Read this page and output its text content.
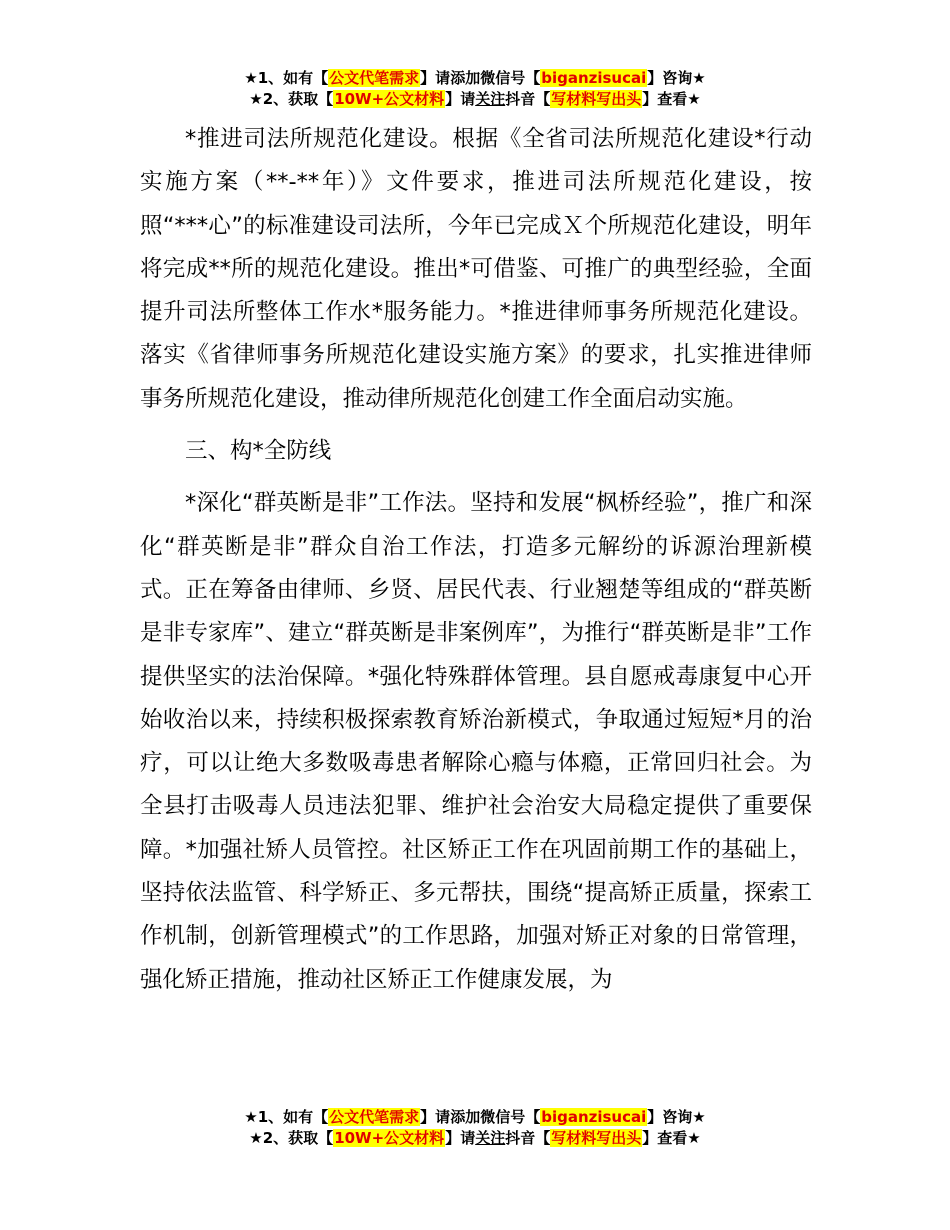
★1、如有【公文代笔需求】请添加微信号【biganzisucai】咨询★
★2、获取【10W+公文材料】请关注抖音【写材料写出头】查看★

*推进司法所规范化建设。根据《全省司法所规范化建设*行动实施方案（**-**年）》文件要求，推进司法所规范化建设，按照“***心”的标准建设司法所，今年已完成Ｘ个所规范化建设，明年将完成**所的规范化建设。推出*可借鉴、可推广的典型经验，全面提升司法所整体工作水*服务能力。*推进律师事务所规范化建设。落实《省律师事务所规范化建设实施方案》的要求，扎实推进律师事务所规范化建设，推动律所规范化创建工作全面启动实施。

三、构*全防线

*深化“群英断是非”工作法。坚持和发展“枫桥经验”，推广和深化“群英断是非”群众自治工作法，打造多元解纷的诉源治理新模式。正在筹备由律师、乡贤、居民代表、行业翘楚等组成的“群英断是非专家库”、建立“群英断是非案例库”，为推行“群英断是非”工作提供坚实的法治保障。*强化特殊群体管理。县自愿戒毒康复中心开始收治以来，持续积极探索教育矫治新模式，争取通过短短*月的治疗，可以让绝大多数吸毒患者解除心瘾与体瘾，正常回归社会。为全县打击吸毒人员违法犯罪、维护社会治安大局稳定提供了重要保障。*加强社矫人员管控。社区矫正工作在巩固前期工作的基础上，坚持依法监管、科学矫正、多元帮扶，围绕“提高矫正质量，探索工作机制，创新管理模式”的工作思路，加强对矫正对象的日常管理，强化矫正措施，推动社区矫正工作健康发展，为

★1、如有【公文代笔需求】请添加微信号【biganzisucai】咨询★
★2、获取【10W+公文材料】请关注抖音【写材料写出头】查看★
